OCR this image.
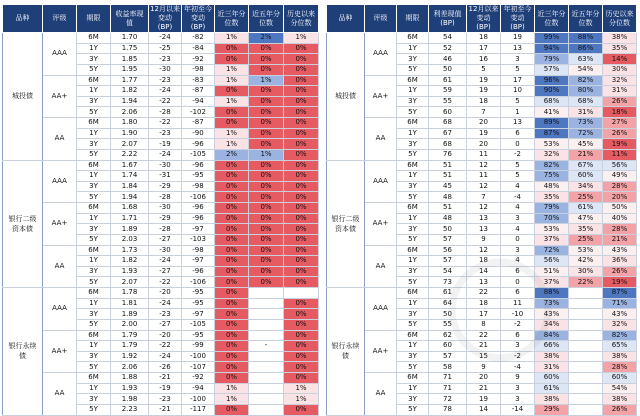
品种	评级	期限	收益率现
值	12月以来
变动
(BP)	年初至今
变动
(BP)	近三年分
位数	近五年分
位数	历史以来
分位数
城投债	AAA	6M	1.70	-24	-82	1%	2%	1%
		1Y	1.75	-25	-84	0%	0%	0%
		3Y	1.85	-23	-92	0%	0%	0%
		5Y	1.95	-30	-98	1%	0%	0%
	AA+	6M	1.77	-23	-83	1%	1%	0%
		1Y	1.82	-24	-87	0%	0%	0%
		3Y	1.94	-22	-94	1%	0%	0%
		5Y	2.06	-28	-102	0%	0%	0%
	AA	6M	1.80	-22	-87	0%	0%	0%
		1Y	1.90	-23	-90	1%	0%	0%
		3Y	2.07	-19	-96	1%	0%	0%
		5Y	2.22	-24	-105	2%	1%	0%
银行二级
资本债	AAA	6M	1.67	-30	-96	0%	0%	0%
		1Y	1.74	-31	-95	0%	0%	0%
		3Y	1.84	-29	-98	0%	0%	0%
		5Y	1.94	-28	-106	0%	0%	0%
	AA+	6M	1.68	-30	-96	0%	0%	0%
		1Y	1.71	-29	-96	0%	0%	0%
		3Y	1.89	-28	-97	0%	0%	0%
		5Y	2.03	-27	-103	0%	0%	0%
	AA	6M	1.73	-30	-98	0%	0%	0%
		1Y	1.82	-24	-97	0%	0%	0%
		3Y	1.93	-27	-96	0%	0%	0%
		5Y	2.07	-22	-106	0%	0%	0%
银行永续
债	AAA	6M	1.78	-20	-95	0%		
		1Y	1.81	-24	-95	0%		0%
		3Y	1.89	-23	-97	0%		0%
		5Y	2.00	-27	-105	0%		0%
	AA+	6M	1.79	-20	-95	0%		0%
		1Y	1.79	-22	-99	0%	-	0%
		3Y	1.92	-24	-100	0%		0%
		5Y	2.06	-26	-107	0%		0%
	AA	6M	1.88	-21	-92	0%		0%
		1Y	1.93	-19	-94	1%		1%
		3Y	1.98	-23	-100	1%		1%
		5Y	2.23	-21	-117	0%		0%
品种	评级	期限	利差现值
(BP)	12月以来
变动
(BP)	年初至今
变动
(BP)	近三年分
位数	近五年分
位数	历史以来
分位数
城投债	AAA	6M	54	18	19	99%	88%	38%
		1Y	52	17	13	94%	86%	35%
		3Y	46	16	3	79%	63%	14%
		5Y	50	5	5	57%	54%	30%
	AA+	6M	61	19	17	96%	82%	32%
		1Y	59	19	10	90%	80%	31%
		3Y	55	18	5	68%	68%	26%
		5Y	60	7	1	41%	31%	18%
	AA	6M	68	20	13	89%	73%	27%
		1Y	67	19	6	87%	72%	26%
		3Y	68	20	0	53%	45%	19%
		5Y	76	11	-2	32%	21%	11%
银行二级
资本债	AAA	6M	51	12	5	82%	67%	56%
		1Y	51	11	5	75%	60%	49%
		3Y	45	12	4	48%	34%	28%
		5Y	48	7	-4	35%	25%	20%
	AA+	6M	51	12	4	79%	61%	50%
		1Y	48	13	3	70%	47%	40%
		3Y	50	13	4	53%	35%	28%
		5Y	57	9	0	37%	25%	21%
	AA	6M	56	12	3	72%	53%	43%
		1Y	57	18	4	56%	42%	36%
		3Y	54	14	6	51%	30%	26%
		5Y	73	13	0	37%	22%	19%
银行永续
债	AAA	6M	61	22	6	88%		87%
		1Y	64	18	11	73%		71%
		3Y	50	17	-10	43%		43%
		5Y	55	8	-2	34%		32%
	AA+	6M	62	22	6	84%		82%
		1Y	60	21	3	66%		65%
		3Y	57	15	-2	38%		38%
		5Y	58	9	-4	31%		28%
	AA	6M	71	20	9	60%		60%
		1Y	71	21	3	61%		54%
		3Y	72	19	3	38%		38%
		5Y	78	14	-14	29%		26%
